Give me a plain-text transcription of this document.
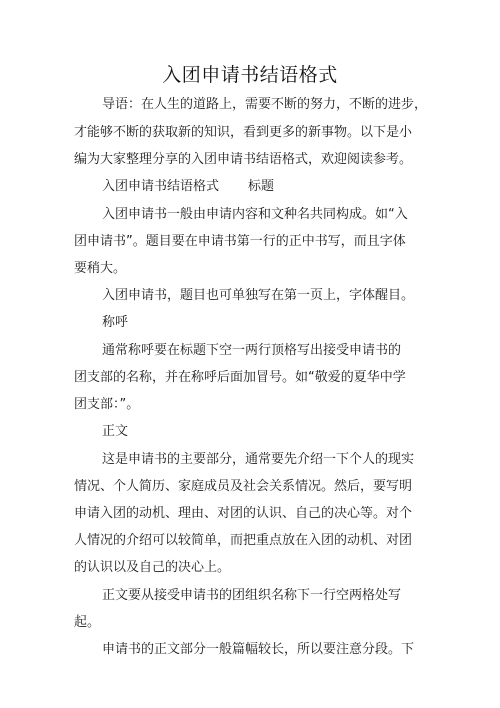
入团申请书结语格式
导语：在人生的道路上，需要不断的努力，不断的进步，
才能够不断的获取新的知识，看到更多的新事物。以下是小
编为大家整理分享的入团申请书结语格式，欢迎阅读参考。
入团申请书结语格式 标题
入团申请书一般由申请内容和文种名共同构成。如“入
团申请书”。题目要在申请书第一行的正中书写，而且字体
要稍大。
入团申请书，题目也可单独写在第一页上，字体醒目。
称呼
通常称呼要在标题下空一两行顶格写出接受申请书的
团支部的名称，并在称呼后面加冒号。如“敬爱的夏华中学
团支部：”。
正文
这是申请书的主要部分，通常要先介绍一下个人的现实
情况、个人简历、家庭成员及社会关系情况。然后，要写明
申请入团的动机、理由、对团的认识、自己的决心等。对个
人情况的介绍可以较简单，而把重点放在入团的动机、对团
的认识以及自己的决心上。
正文要从接受申请书的团组织名称下一行空两格处写
起。
申请书的正文部分一般篇幅较长，所以要注意分段。下
